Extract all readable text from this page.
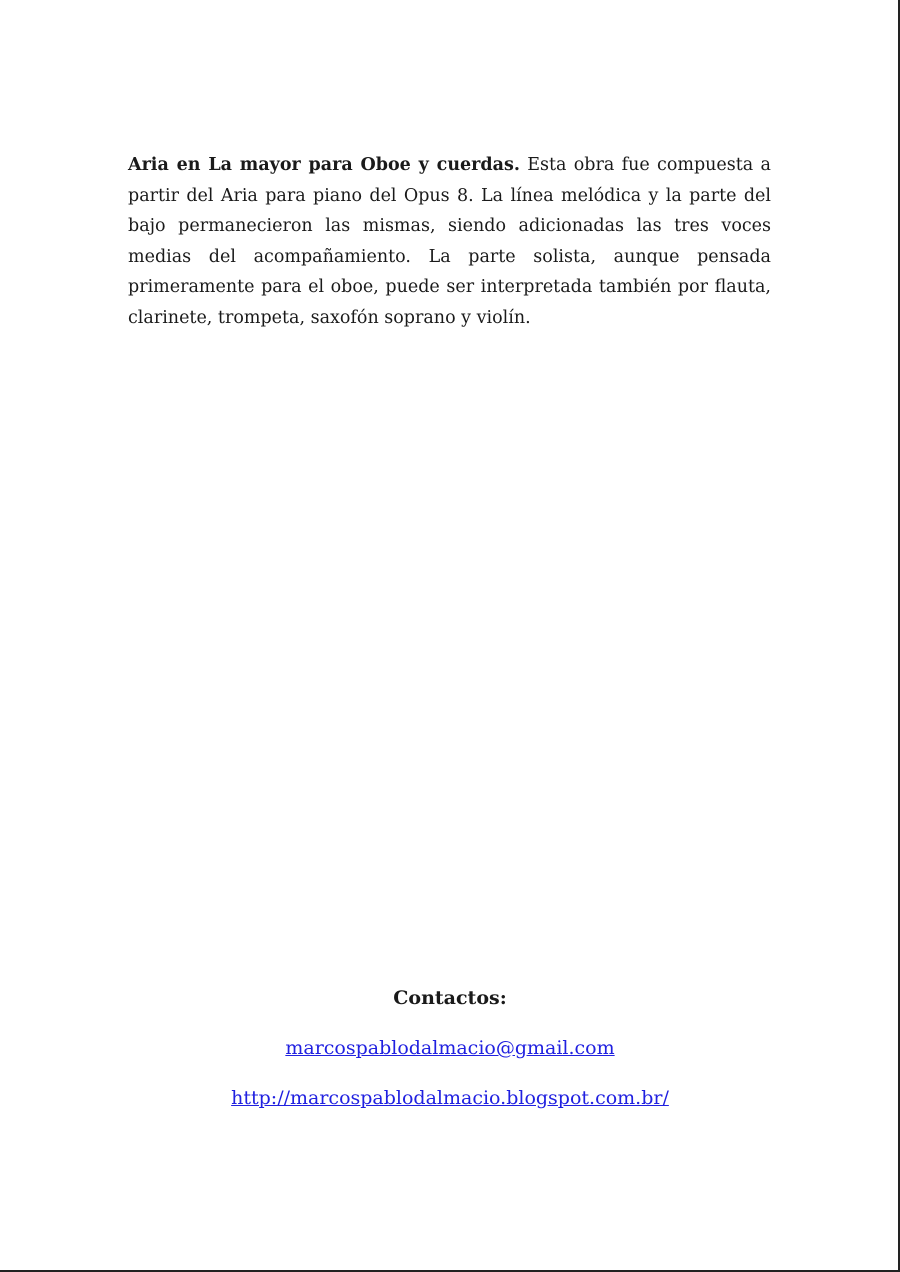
Aria en La mayor para Oboe y cuerdas. Esta obra fue compuesta a partir del Aria para piano del Opus 8. La línea melódica y la parte del bajo permanecieron las mismas, siendo adicionadas las tres voces medias del acompañamiento. La parte solista, aunque pensada primeramente para el oboe, puede ser interpretada también por flauta, clarinete, trompeta, saxofón soprano y violín.

Contactos:

marcospablodalmacio@gmail.com
http://marcospablodalmacio.blogspot.com.br/
